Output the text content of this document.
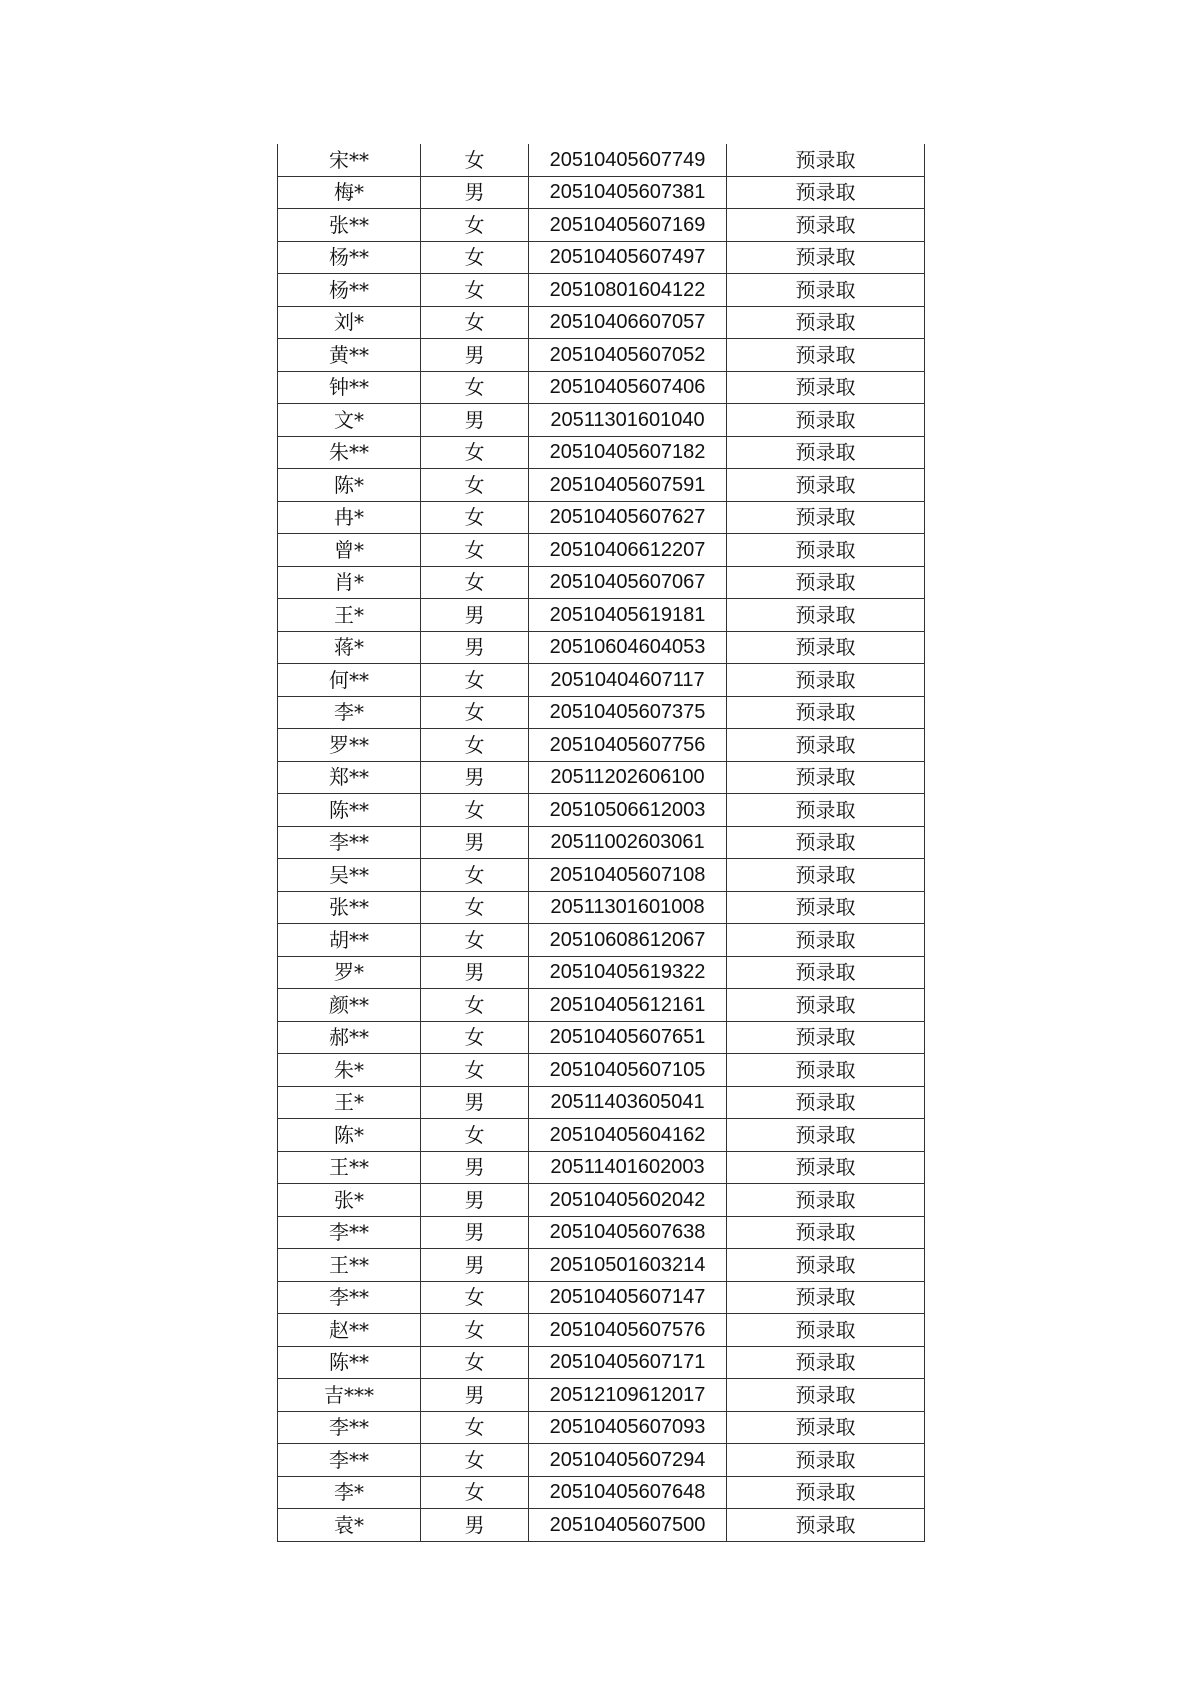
宋**	女	20510405607749	预录取
梅*	男	20510405607381	预录取
张**	女	20510405607169	预录取
杨**	女	20510405607497	预录取
杨**	女	20510801604122	预录取
刘*	女	20510406607057	预录取
黄**	男	20510405607052	预录取
钟**	女	20510405607406	预录取
文*	男	20511301601040	预录取
朱**	女	20510405607182	预录取
陈*	女	20510405607591	预录取
冉*	女	20510405607627	预录取
曾*	女	20510406612207	预录取
肖*	女	20510405607067	预录取
王*	男	20510405619181	预录取
蒋*	男	20510604604053	预录取
何**	女	20510404607117	预录取
李*	女	20510405607375	预录取
罗**	女	20510405607756	预录取
郑**	男	20511202606100	预录取
陈**	女	20510506612003	预录取
李**	男	20511002603061	预录取
吴**	女	20510405607108	预录取
张**	女	20511301601008	预录取
胡**	女	20510608612067	预录取
罗*	男	20510405619322	预录取
颜**	女	20510405612161	预录取
郝**	女	20510405607651	预录取
朱*	女	20510405607105	预录取
王*	男	20511403605041	预录取
陈*	女	20510405604162	预录取
王**	男	20511401602003	预录取
张*	男	20510405602042	预录取
李**	男	20510405607638	预录取
王**	男	20510501603214	预录取
李**	女	20510405607147	预录取
赵**	女	20510405607576	预录取
陈**	女	20510405607171	预录取
吉***	男	20512109612017	预录取
李**	女	20510405607093	预录取
李**	女	20510405607294	预录取
李*	女	20510405607648	预录取
袁*	男	20510405607500	预录取
